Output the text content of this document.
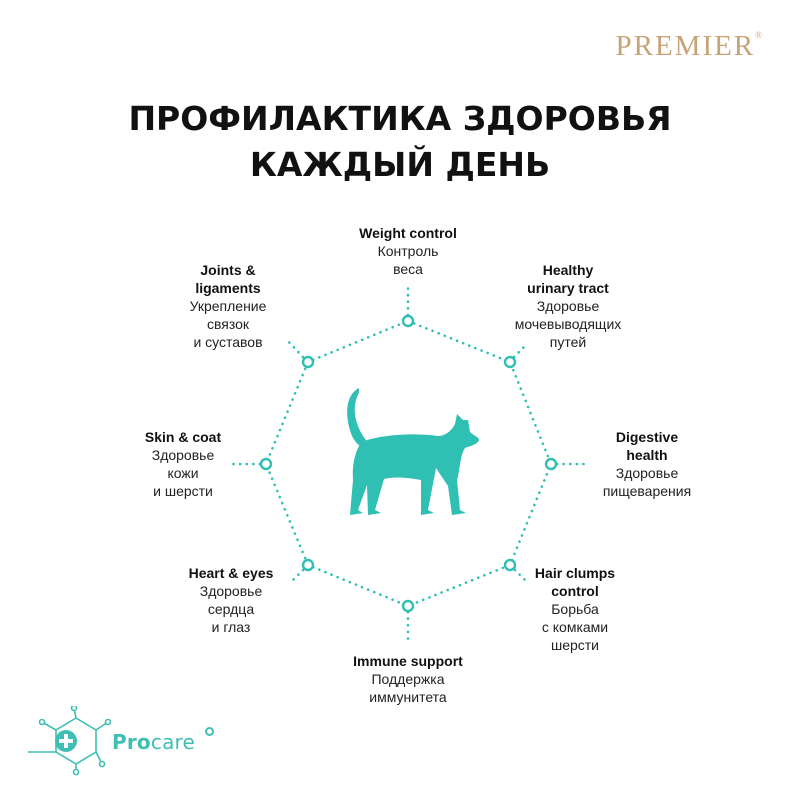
PREMIER®
ПРОФИЛАКТИКА ЗДОРОВЬЯ
КАЖДЫЙ ДЕНЬ
Weight control
Контроль
веса	Healthy
urinary tract
Здоровье
мочевыводящих
путей
Digestive
health
Здоровье
пищеварения
Hair clumps
control
Борьба
с комками
шерсти
Immune support
Поддержка
иммунитета
Heart & eyes
Здоровье
сердца
и глаз
Skin & coat
Здоровье
кожи
и шерсти
Joints &
ligaments
Укрепление
связок
и суставов
Procare
